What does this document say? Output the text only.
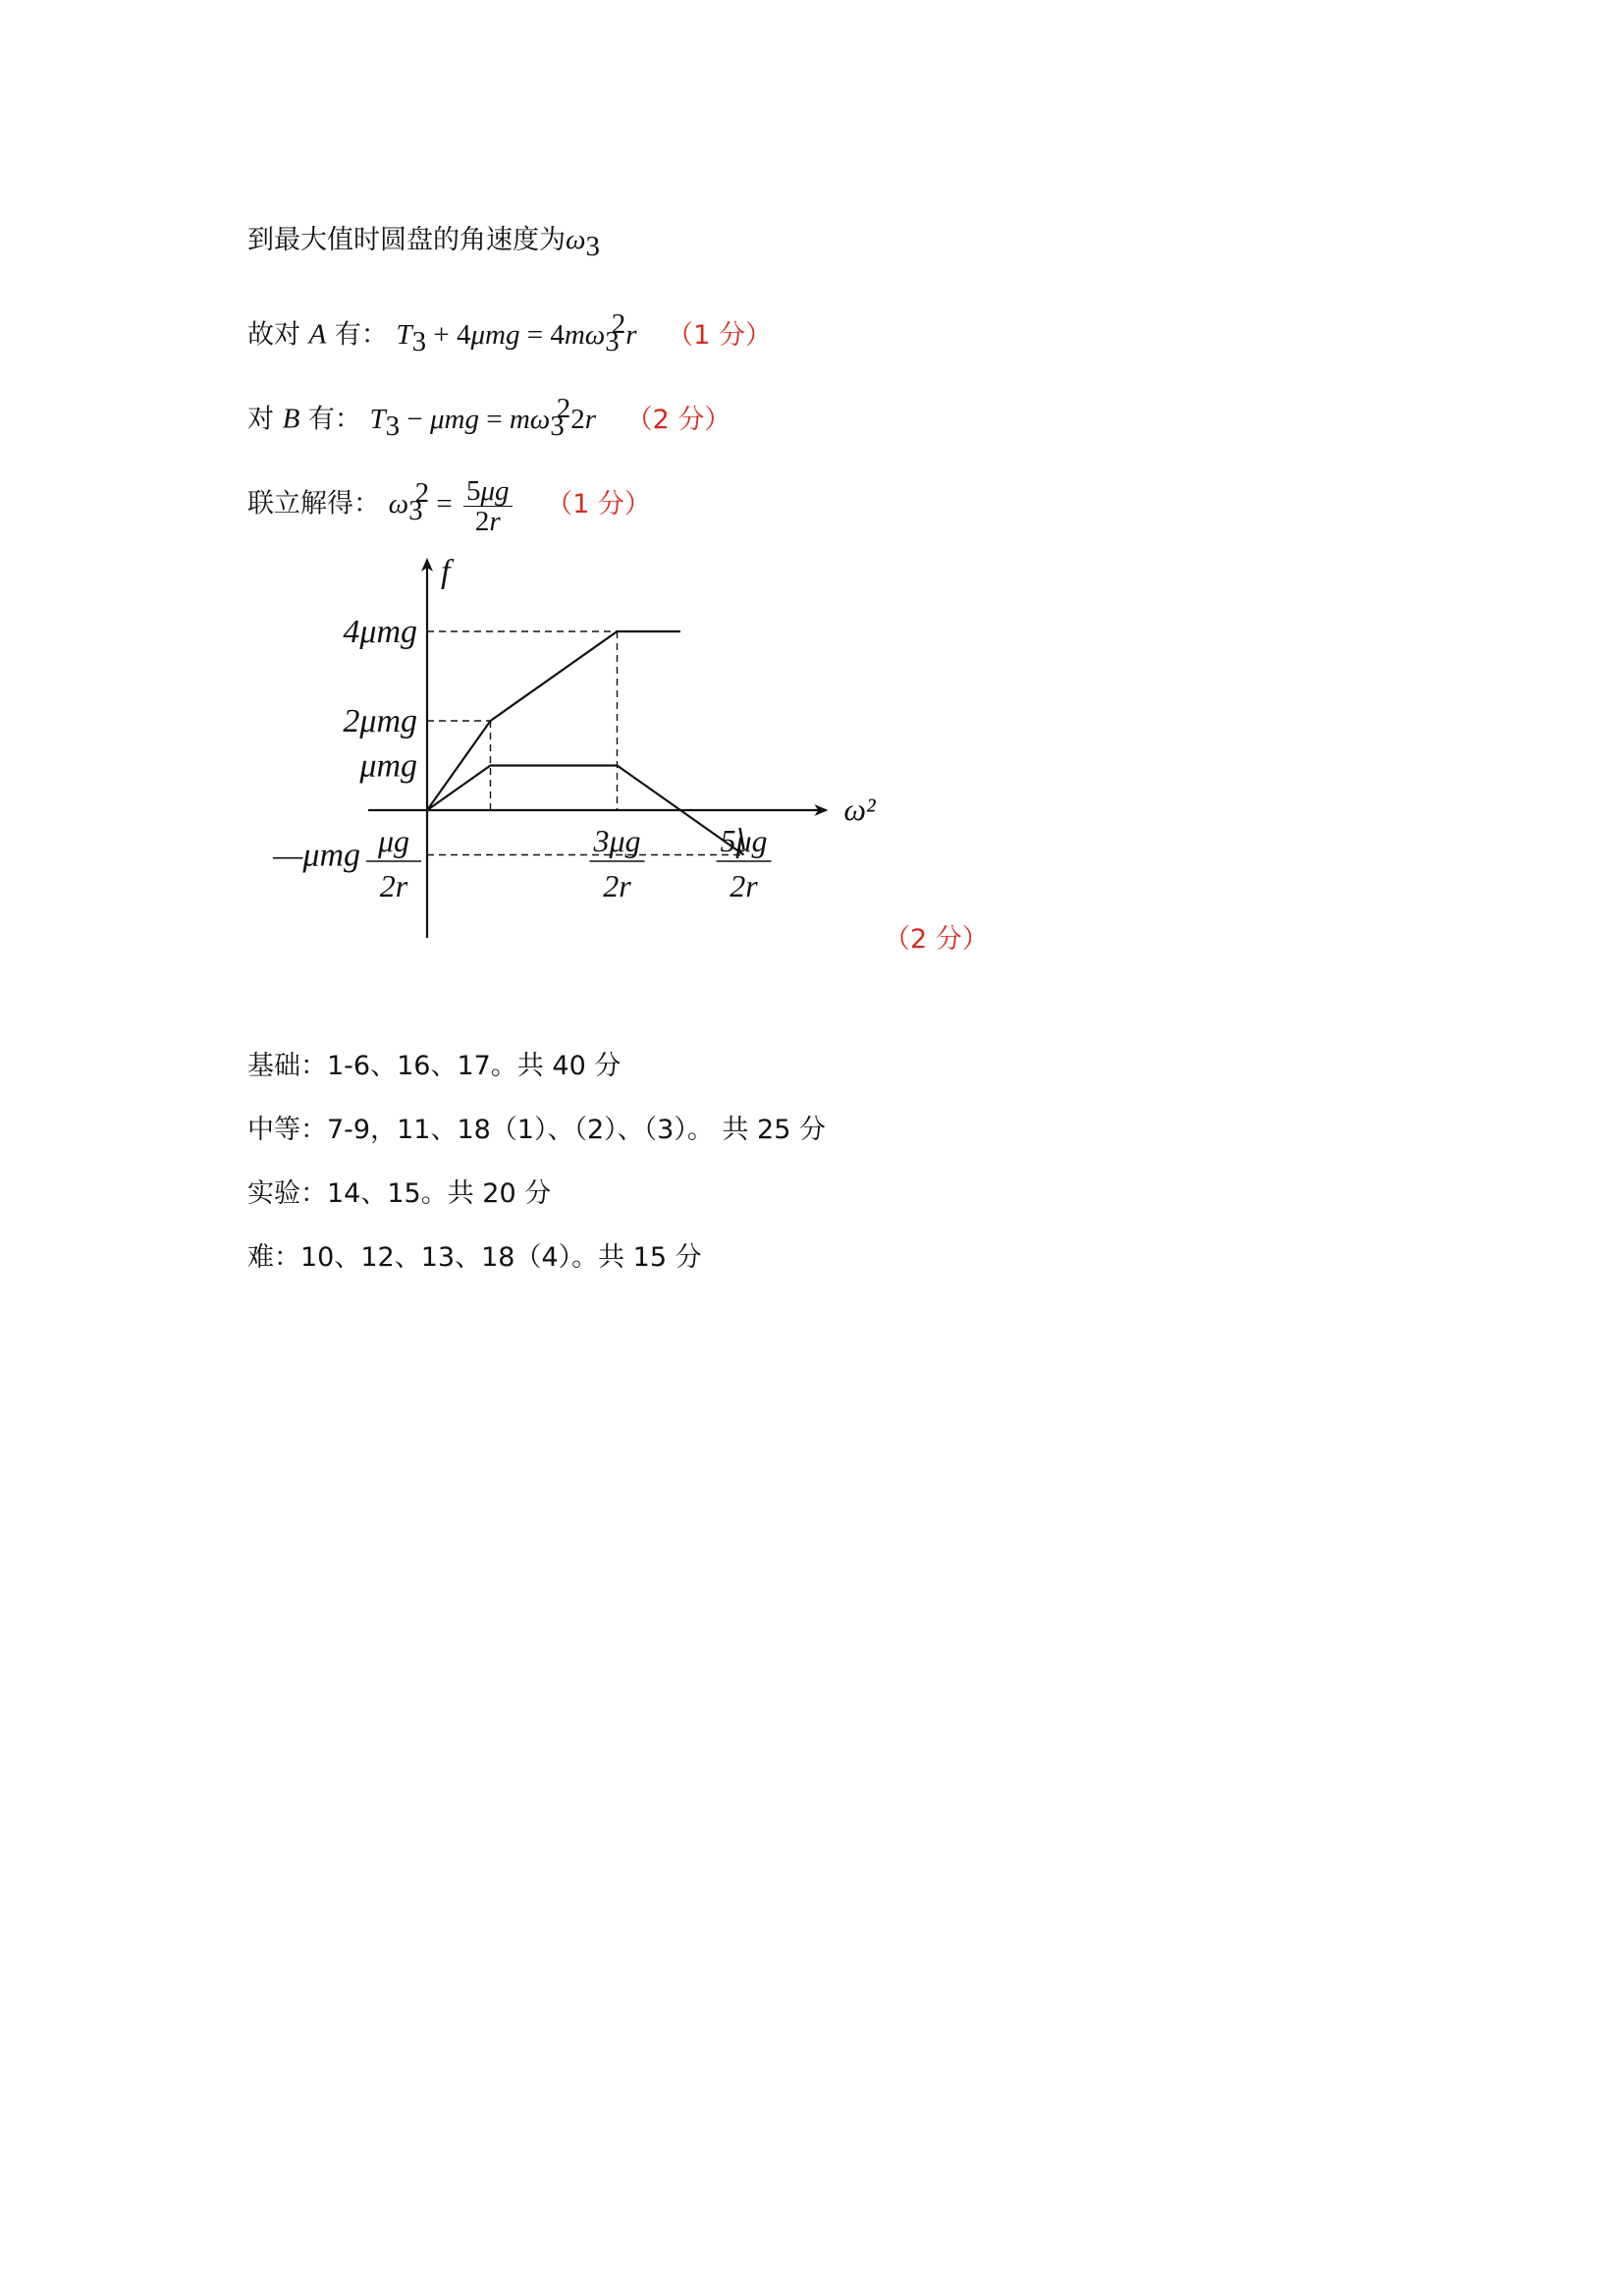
到最大值时圆盘的角速度为$\omega_3$
故对 A 有： $T_3 + 4\mu mg = 4m\omega_3^2r$ （1 分）
对 B 有： $T_3 - \mu mg = m\omega_3^22r$ （2 分）
联立解得： $\omega_3^2 = \frac{5\mu g}{2r} (1$ 分）
f
ω²
4μmg
2μmg
μmg
—μmg μg
2r
3μg
2r
5μg
2r
（2 分）
基础：1-6、16、17。共 40 分
中等：7-9，11、18（1）、（2）、（3）。 共 25 分
实验：14、15。共 20 分
难：10、12、13、18（4）。共 15 分
